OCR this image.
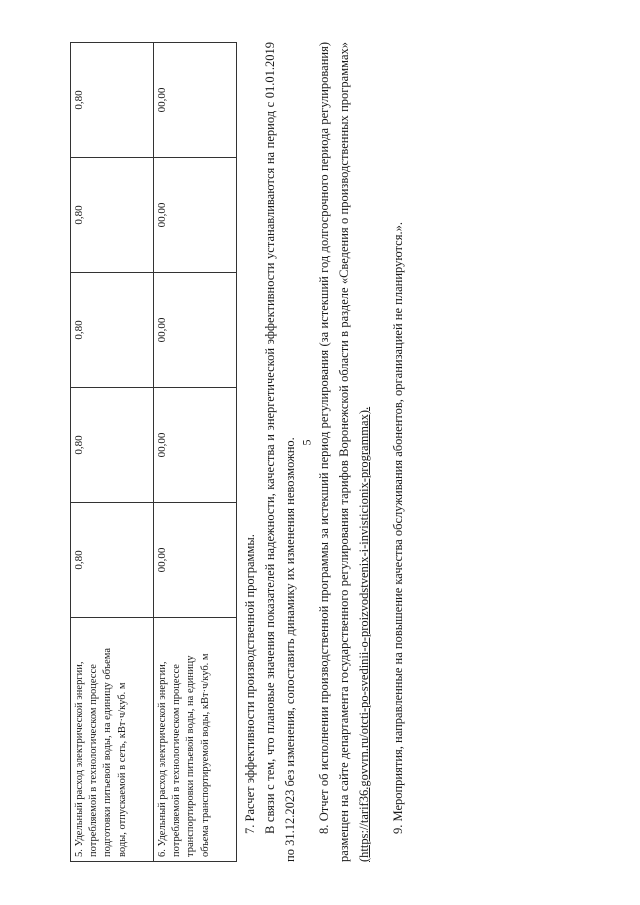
5
5. Удельный расход электрической энергии, потребляемой в технологическом процессе подготовки питьевой воды, на единицу объема воды, отпускаемой в сеть, кВт·ч/куб. м	0,80	0,80	0,80	0,80	0,80
6. Удельный расход электрической энергии, потребляемой в технологическом процессе транспортировки питьевой воды, на единицу объема транспортируемой воды, кВт·ч/куб. м	00,00	00,00	00,00	00,00	00,00

7. Расчет эффективности производственной программы. В связи с тем, что плановые значения показателей надежности, качества и энергетической эффективности устанавливаются на период с 01.01.2019 по 31.12.2023 без изменения, сопоставить динамику их изменения невозможно. 8. Отчет об исполнении производственной программы за истекший период регулирования (за истекший год долгосрочного периода регулирования) размещен на сайте департамента государственного регулирования тарифов Воронежской области в разделе «Сведения о производственных программах» (https://tarif36.govvrn.ru/otcti-po-svedinii-o-proizvodstvenix-i-invisticionix-programmax). 9. Мероприятия, направленные на повышение качества обслуживания абонентов, организацией не планируются.».
